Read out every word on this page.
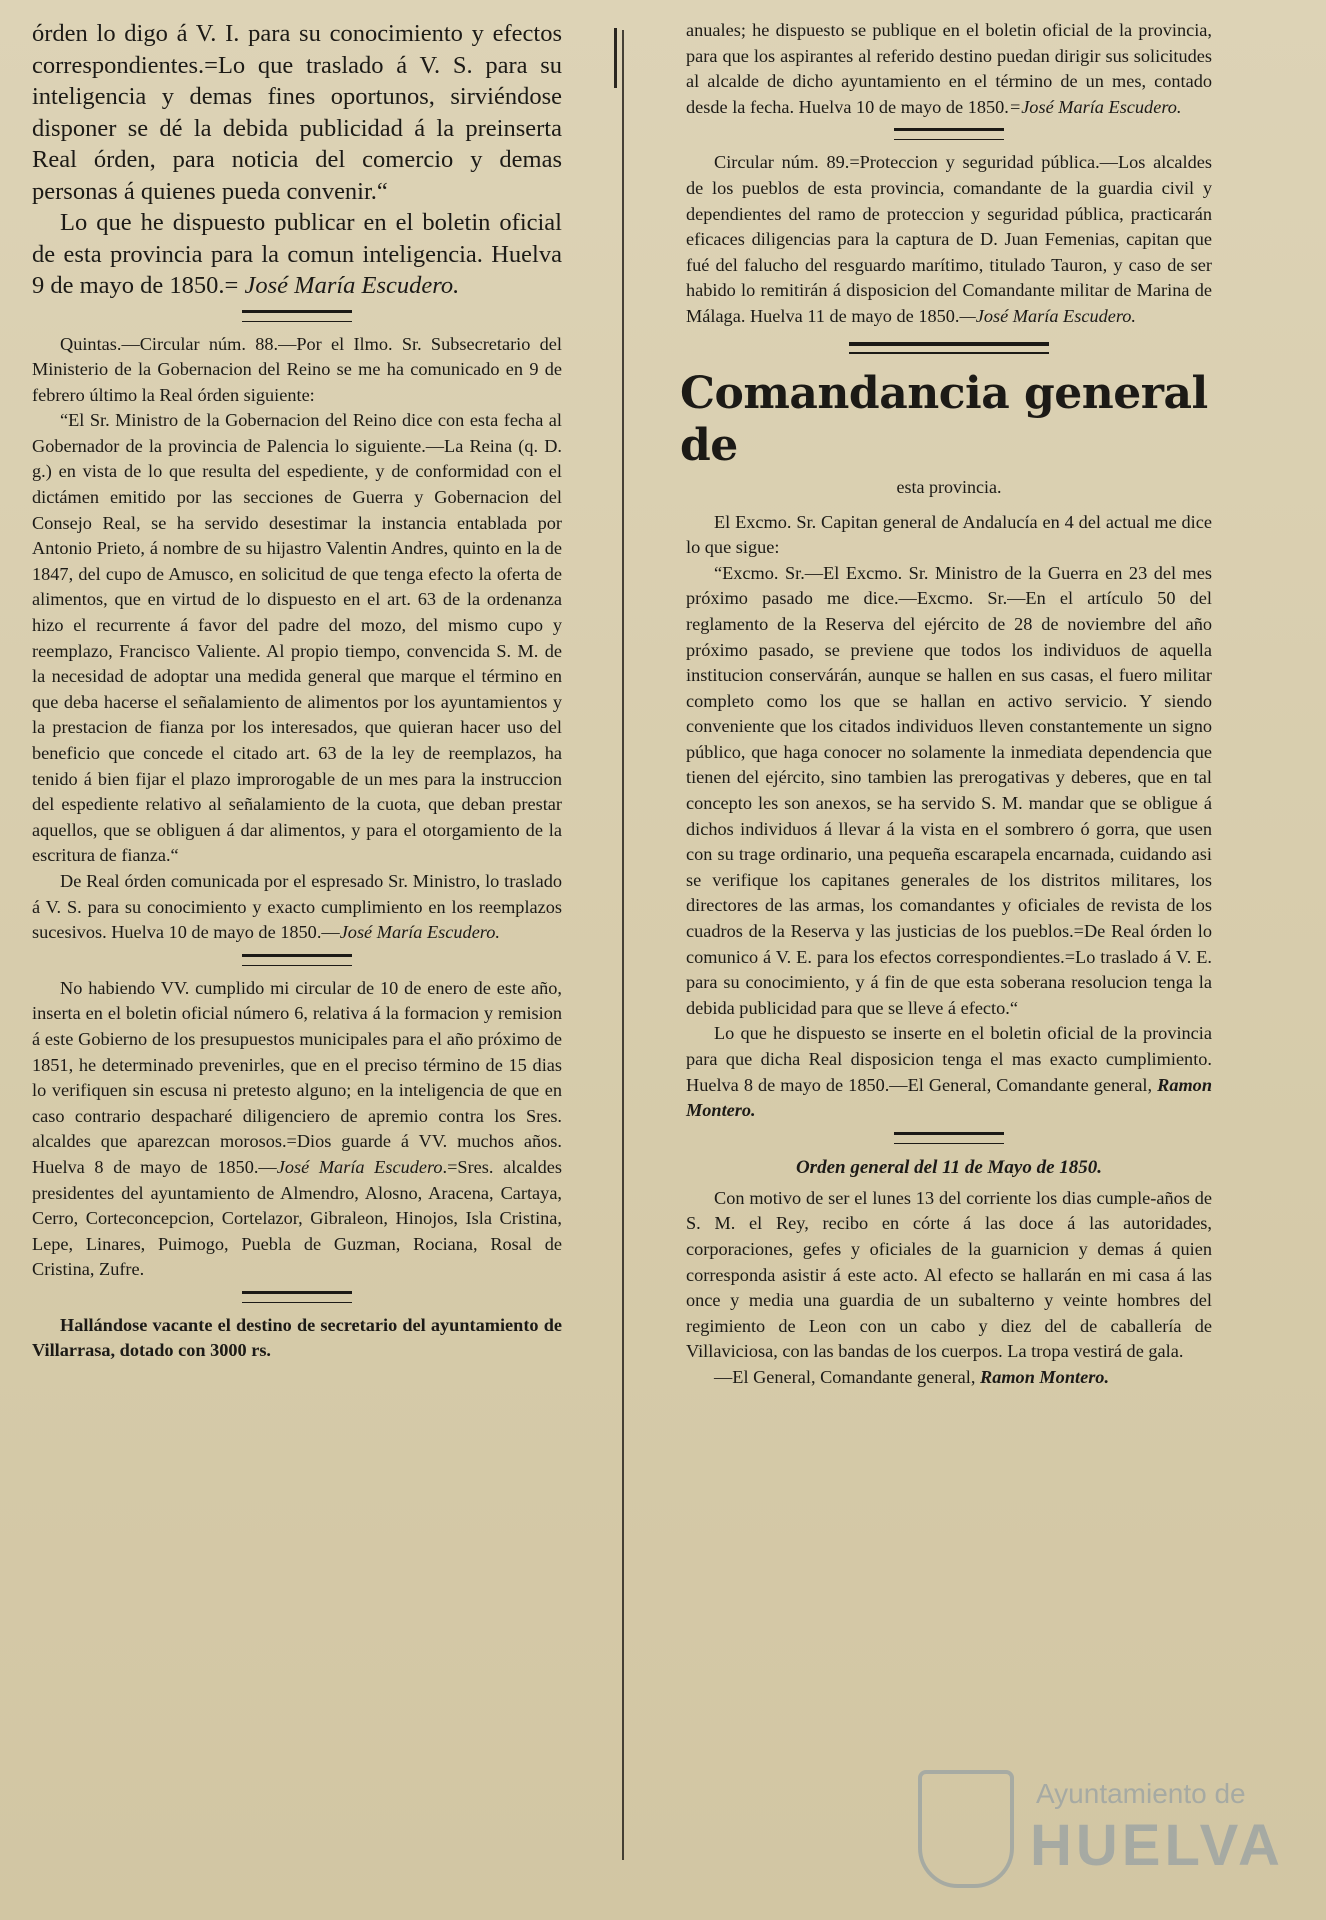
órden lo digo á V. I. para su conocimiento y efectos correspondientes.=Lo que traslado á V. S. para su inteligencia y demas fines oportunos, sirviéndose disponer se dé la debida publicidad á la preinserta Real órden, para noticia del comercio y demas personas á quienes pueda convenir.“

Lo que he dispuesto publicar en el boletin oficial de esta provincia para la comun inteligencia. Huelva 9 de mayo de 1850.= José María Escudero.

Quintas.—Circular núm. 88.—Por el Ilmo. Sr. Subsecretario del Ministerio de la Gobernacion del Reino se me ha comunicado en 9 de febrero último la Real órden siguiente:

“El Sr. Ministro de la Gobernacion del Reino dice con esta fecha al Gobernador de la provincia de Palencia lo siguiente.—La Reina (q. D. g.) en vista de lo que resulta del espediente, y de conformidad con el dictámen emitido por las secciones de Guerra y Gobernacion del Consejo Real, se ha servido desestimar la instancia entablada por Antonio Prieto, á nombre de su hijastro Valentin Andres, quinto en la de 1847, del cupo de Amusco, en solicitud de que tenga efecto la oferta de alimentos, que en virtud de lo dispuesto en el art. 63 de la ordenanza hizo el recurrente á favor del padre del mozo, del mismo cupo y reemplazo, Francisco Valiente. Al propio tiempo, convencida S. M. de la necesidad de adoptar una medida general que marque el término en que deba hacerse el señalamiento de alimentos por los ayuntamientos y la prestacion de fianza por los interesados, que quieran hacer uso del beneficio que concede el citado art. 63 de la ley de reemplazos, ha tenido á bien fijar el plazo improrogable de un mes para la instruccion del espediente relativo al señalamiento de la cuota, que deban prestar aquellos, que se obliguen á dar alimentos, y para el otorgamiento de la escritura de fianza.“

De Real órden comunicada por el espresado Sr. Ministro, lo traslado á V. S. para su conocimiento y exacto cumplimiento en los reemplazos sucesivos. Huelva 10 de mayo de 1850.—José María Escudero.

No habiendo VV. cumplido mi circular de 10 de enero de este año, inserta en el boletin oficial número 6, relativa á la formacion y remision á este Gobierno de los presupuestos municipales para el año próximo de 1851, he determinado prevenirles, que en el preciso término de 15 dias lo verifiquen sin escusa ni pretesto alguno; en la inteligencia de que en caso contrario despacharé diligenciero de apremio contra los Sres. alcaldes que aparezcan morosos.=Dios guarde á VV. muchos años. Huelva 8 de mayo de 1850.—José María Escudero.=Sres. alcaldes presidentes del ayuntamiento de Almendro, Alosno, Aracena, Cartaya, Cerro, Corteconcepcion, Cortelazor, Gibraleon, Hinojos, Isla Cristina, Lepe, Linares, Puimogo, Puebla de Guzman, Rociana, Rosal de Cristina, Zufre.

Hallándose vacante el destino de secretario del ayuntamiento de Villarrasa, dotado con 3000 rs.

anuales; he dispuesto se publique en el boletin oficial de la provincia, para que los aspirantes al referido destino puedan dirigir sus solicitudes al alcalde de dicho ayuntamiento en el término de un mes, contado desde la fecha. Huelva 10 de mayo de 1850.=José María Escudero.

Circular núm. 89.=Proteccion y seguridad pública.—Los alcaldes de los pueblos de esta provincia, comandante de la guardia civil y dependientes del ramo de proteccion y seguridad pública, practicarán eficaces diligencias para la captura de D. Juan Femenias, capitan que fué del falucho del resguardo marítimo, titulado Tauron, y caso de ser habido lo remitirán á disposicion del Comandante militar de Marina de Málaga. Huelva 11 de mayo de 1850.—José María Escudero.

Comandancia general de
esta provincia.

El Excmo. Sr. Capitan general de Andalucía en 4 del actual me dice lo que sigue:

“Excmo. Sr.—El Excmo. Sr. Ministro de la Guerra en 23 del mes próximo pasado me dice.—Excmo. Sr.—En el artículo 50 del reglamento de la Reserva del ejército de 28 de noviembre del año próximo pasado, se previene que todos los individuos de aquella institucion conservárán, aunque se hallen en sus casas, el fuero militar completo como los que se hallan en activo servicio. Y siendo conveniente que los citados individuos lleven constantemente un signo público, que haga conocer no solamente la inmediata dependencia que tienen del ejército, sino tambien las prerogativas y deberes, que en tal concepto les son anexos, se ha servido S. M. mandar que se obligue á dichos individuos á llevar á la vista en el sombrero ó gorra, que usen con su trage ordinario, una pequeña escarapela encarnada, cuidando asi se verifique los capitanes generales de los distritos militares, los directores de las armas, los comandantes y oficiales de revista de los cuadros de la Reserva y las justicias de los pueblos.=De Real órden lo comunico á V. E. para los efectos correspondientes.=Lo traslado á V. E. para su conocimiento, y á fin de que esta soberana resolucion tenga la debida publicidad para que se lleve á efecto.“

Lo que he dispuesto se inserte en el boletin oficial de la provincia para que dicha Real disposicion tenga el mas exacto cumplimiento. Huelva 8 de mayo de 1850.—El General, Comandante general, Ramon Montero.

Orden general del 11 de Mayo de 1850.

Con motivo de ser el lunes 13 del corriente los dias cumple-años de S. M. el Rey, recibo en córte á las doce á las autoridades, corporaciones, gefes y oficiales de la guarnicion y demas á quien corresponda asistir á este acto. Al efecto se hallarán en mi casa á las once y media una guardia de un subalterno y veinte hombres del regimiento de Leon con un cabo y diez del de caballería de Villaviciosa, con las bandas de los cuerpos. La tropa vestirá de gala.

—El General, Comandante general, Ramon Montero.

Ayuntamiento de
HUELVA
